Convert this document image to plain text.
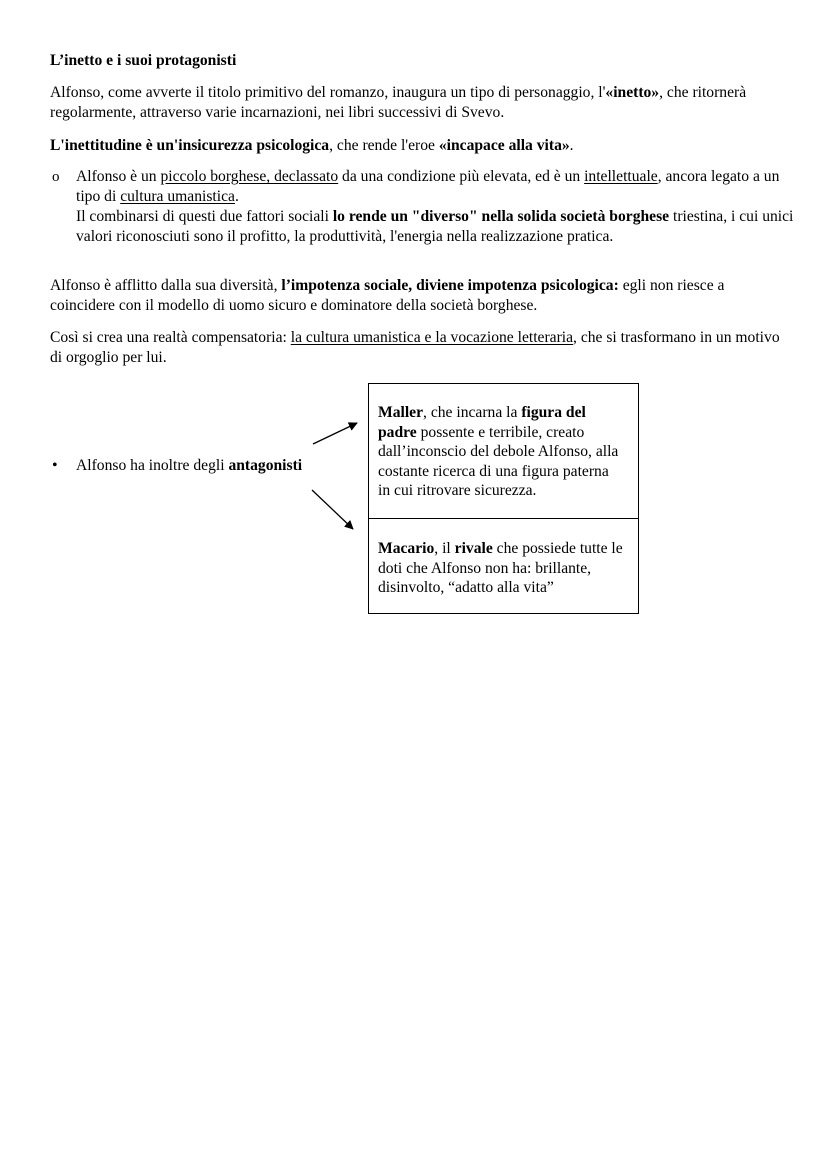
L’inetto e i suoi protagonisti

Alfonso, come avverte il titolo primitivo del romanzo, inaugura un tipo di personaggio, l'«inetto», che ritornerà regolarmente, attraverso varie incarnazioni, nei libri successivi di Svevo.

L'inettitudine è un'insicurezza psicologica, che rende l'eroe «incapace alla vita».

o Alfonso è un piccolo borghese, declassato da una condizione più elevata, ed è un intellettuale, ancora legato a un tipo di cultura umanistica.

Il combinarsi di questi due fattori sociali lo rende un "diverso" nella solida società borghese triestina, i cui unici valori riconosciuti sono il profitto, la produttività, l'energia nella realizzazione pratica.

Alfonso è afflitto dalla sua diversità, l’impotenza sociale, diviene impotenza psicologica: egli non riesce a coincidere con il modello di uomo sicuro e dominatore della società borghese.

Così si crea una realtà compensatoria: la cultura umanistica e la vocazione letteraria, che si trasformano in un motivo di orgoglio per lui.

• Alfonso ha inoltre degli antagonisti

Maller, che incarna la figura del padre possente e terribile, creato dall’inconscio del debole Alfonso, alla costante ricerca di una figura paterna in cui ritrovare sicurezza.

Macario, il rivale che possiede tutte le doti che Alfonso non ha: brillante, disinvolto, “adatto alla vita”
